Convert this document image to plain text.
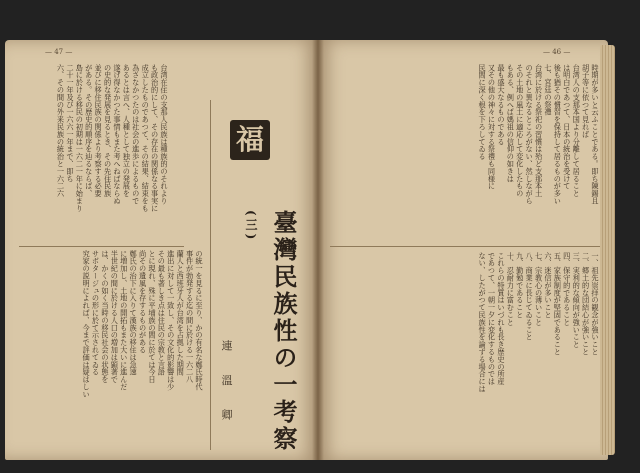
— 47 —
台湾在住の支那人民族は種族的のそれより
も政治的にして、その存在の関係なる事実に
成立したものであつて、その結果、結束をも
為さなかつたのは社会の進歩によるもので
あるとは言へ、人種として独立の発展を
遂げ得なかつた事情もまた考へねばならぬ
の史的な発展を見るとき、その先住民族
並びに移住民族の関係より考察する必要
がある。その歴史的順序を辿るならば、
島に於ける移民の初期は一六二一年に始まり
二十一年及び一六六一年まで、即ち
六、その間の外来民族の統治と一六二六
の統一を見るに至り、かの有名な鄭氏時代
事件が勃発する迄の間に於ける一六二八
蘭人と西班牙人が台湾を占拠した期間
進出に対して一致し、その文化的影響は少
その最も著しき点は住民の宗教と言語
とに現れ、殊に平埔族の間に於ては今日
尚その遺風を存するものがある
鄭氏の治下に入りて漢族の移住は急速
に増加し、土地の開拓もまた大いに進んだ
半世紀の間に於ける人口の増加は顕著で
は、かくの如く当時の移民社会の状態を
サボタージュの形に於て示されてゐる
究家の説明によれば、今まで評価は疑はしい
福
臺灣民族性の一考察(三)
連 溫 卿
— 46 —
時期が多いと云ふことである。即ち陳錫且
胡子等に依つて見れば
台湾人の支那本国より分離して居ること
は明白であつて、日本の統治を受けて
後も猶その慣習を保持して居るものが多い
七、宮廷の祭禮
台湾に於ける祭祀の習慣は殆ど支那本土
のそれと異なるところがない、然しながら
その土地の風土に適応して変化したもの
もある、例へば媽祖の信仰の如きは
最も盛大なるものである
又その他の神々に対する祭禮も同様に
民間に深く根を下ろしてゐる
一、祖先崇拝の観念が強いこと
二、郷土的な団結心が強いこと
三、実利的な傾向が強いこと
四、保守的であること
五、家族制度が堅固であること
六、迷信が多いこと
七、宗教心の薄いこと
八、商業に長じてゐること
九、勤勉であること
十、忍耐力に富むこと
これらの特質はいづれも長き歴史の所産
であつて、一朝一夕に変化するものでは
ない、したがつて民族性を論ずる場合には
